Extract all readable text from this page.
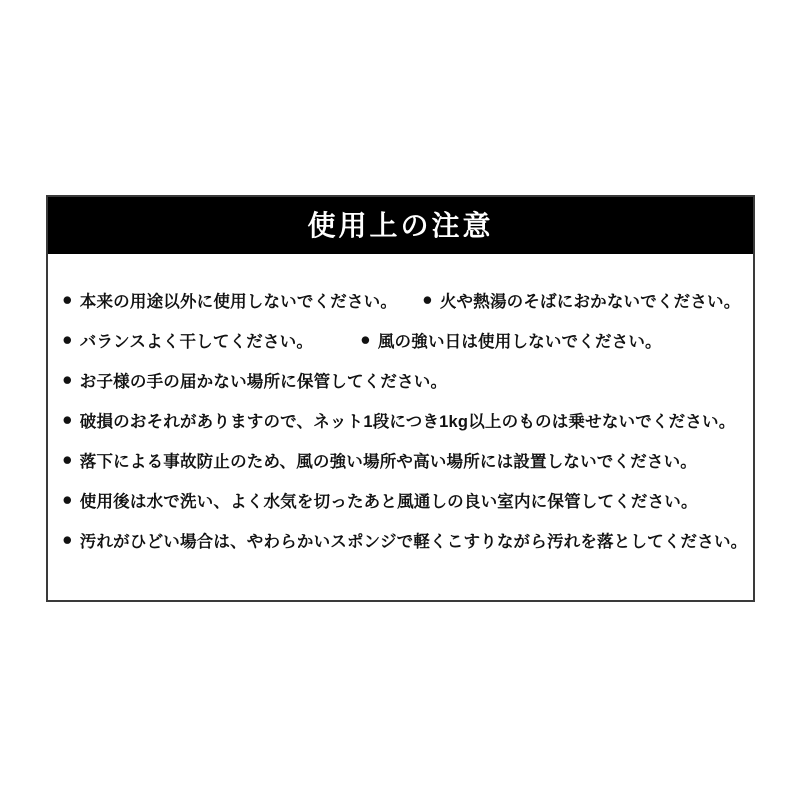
使用上の注意
● 本来の用途以外に使用しないでください。 ● 火や熱湯のそばにおかないでください。
● バランスよく干してください。	● 風の強い日は使用しないでください。
● お子様の手の届かない場所に保管してください。
● 破損のおそれがありますので、ネット1段につき1kg以上のものは乗せないでください。
● 落下による事故防止のため、風の強い場所や高い場所には設置しないでください。
● 使用後は水で洗い、よく水気を切ったあと風通しの良い室内に保管してください。
● 汚れがひどい場合は、やわらかいスポンジで軽くこすりながら汚れを落としてください。
